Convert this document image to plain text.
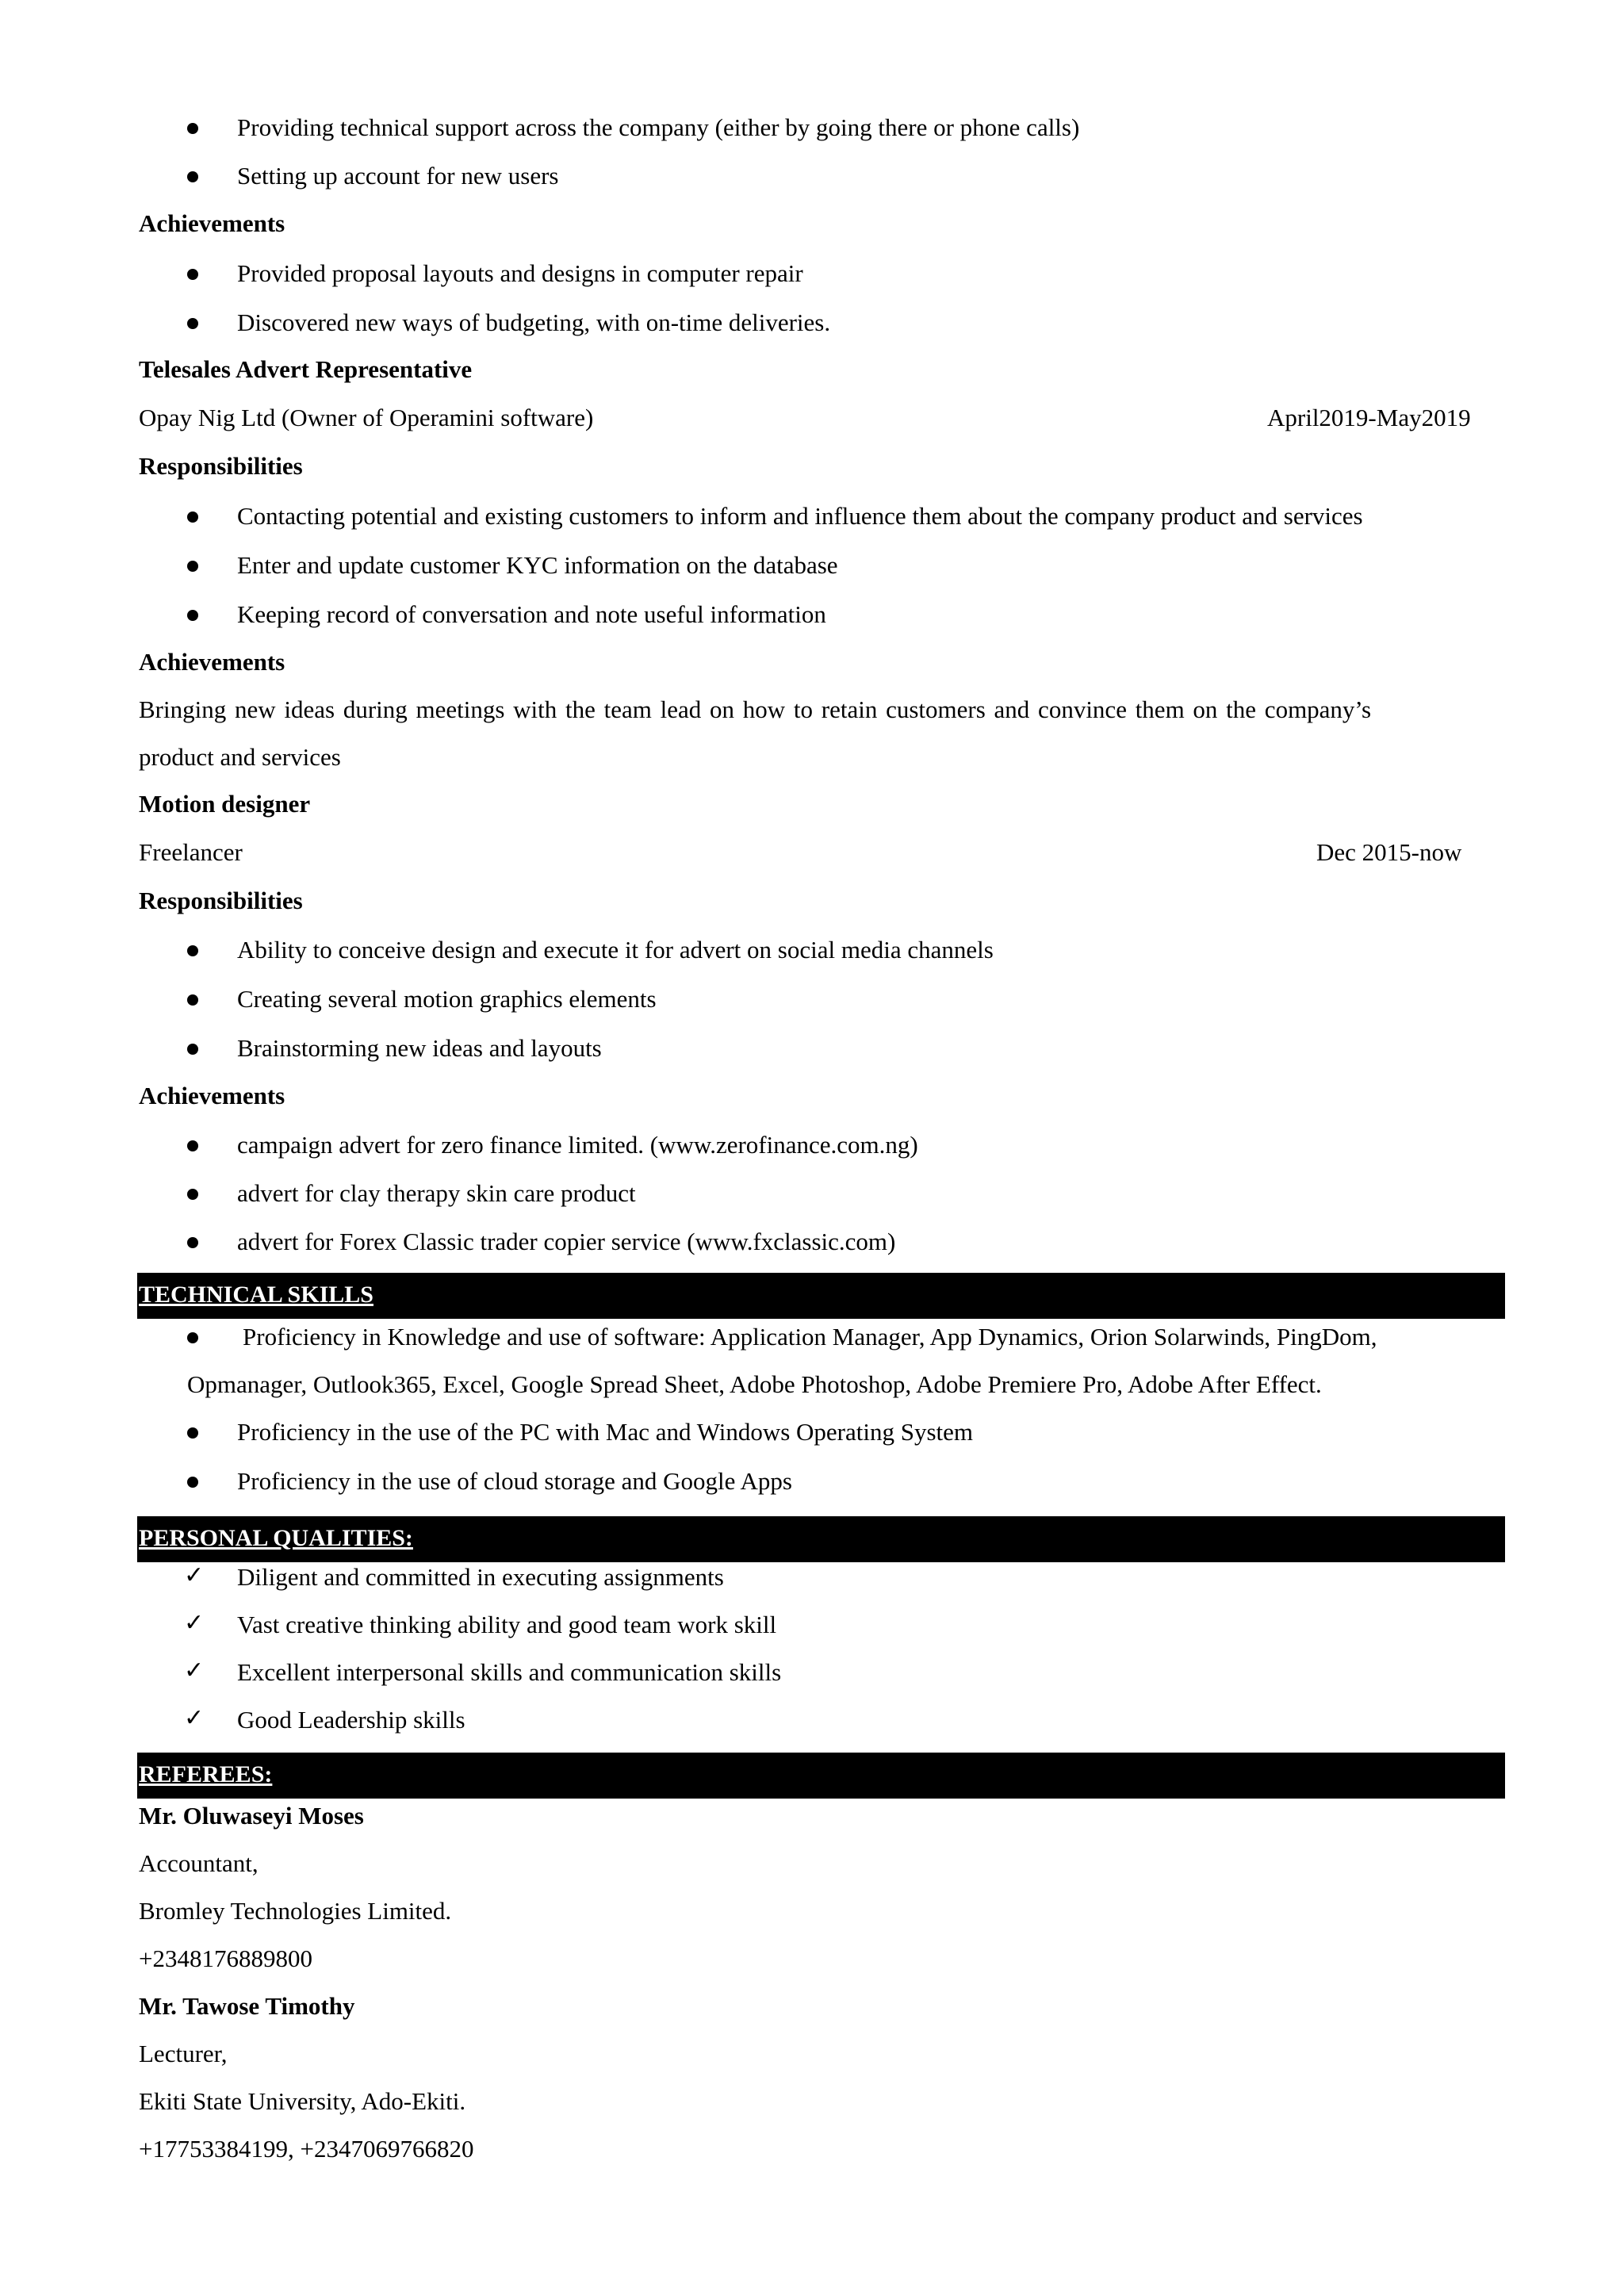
Providing technical support across the company (either by going there or phone calls)
Setting up account for new users
Achievements
Provided proposal layouts and designs in computer repair
Discovered new ways of budgeting, with on-time deliveries.
Telesales Advert Representative
Opay Nig Ltd (Owner of Operamini software)	April2019-May2019
Responsibilities
Contacting potential and existing customers to inform and influence them about the company product and services
Enter and update customer KYC information on the database
Keeping record of conversation and note useful information
Achievements
Bringing new ideas during meetings with the team lead on how to retain customers and convince them on the company’s
product and services
Motion designer
Freelancer	Dec 2015-now
Responsibilities
Ability to conceive design and execute it for advert on social media channels
Creating several motion graphics elements
Brainstorming new ideas and layouts
Achievements
campaign advert for zero finance limited. (www.zerofinance.com.ng)
advert for clay therapy skin care product
advert for Forex Classic trader copier service (www.fxclassic.com)
TECHNICAL SKILLS
Proficiency in Knowledge and use of software: Application Manager, App Dynamics, Orion Solarwinds, PingDom,
Opmanager, Outlook365, Excel, Google Spread Sheet, Adobe Photoshop, Adobe Premiere Pro, Adobe After Effect.
Proficiency in the use of the PC with Mac and Windows Operating System
Proficiency in the use of cloud storage and Google Apps
PERSONAL QUALITIES:
✓ Diligent and committed in executing assignments
✓ Vast creative thinking ability and good team work skill
✓ Excellent interpersonal skills and communication skills
✓ Good Leadership skills
REFEREES:
Mr. Oluwaseyi Moses
Accountant,
Bromley Technologies Limited.
+2348176889800
Mr. Tawose Timothy
Lecturer,
Ekiti State University, Ado-Ekiti.
+17753384199, +2347069766820
